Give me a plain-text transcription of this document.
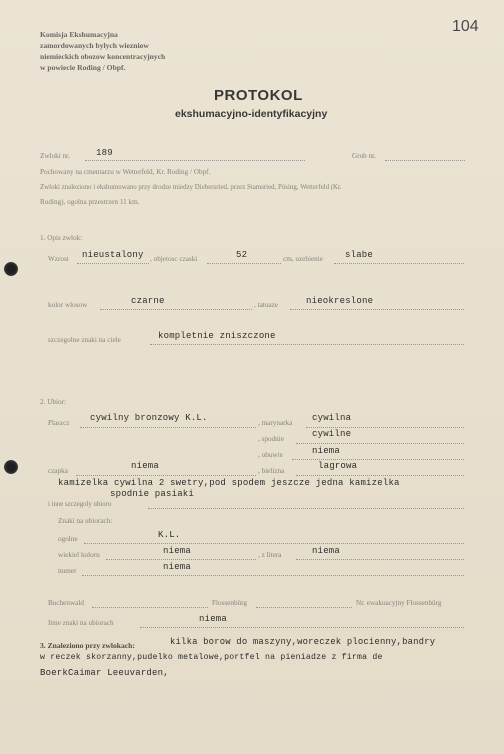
104
Komisja Ekshumacyjna
zamordowanych bylych wiezniow
niemieckich obozow koncentracyjnych
w powiecie Roding / Obpf.
PROTOKOL
ekshumacyjno-identyfikacyjny
Zwloki nr.	189	Grob nr.
Pochowany na cmentarzu w Wetterfeld, Kr. Roding / Obpf.
Zwloki znaleziono i ekshumowano przy drodze miedzy Diebersried, przez Stamsried, Pösing, Wetterfeld (Kr.
Roding), ogolna przestrzen 11 km.
1. Opis zwlok:
Wzrost nieustalony , objetosc czaski	52	cm, uzebienie slabe
kolor wlosow	czarne	, tatuaze	nieokreslone
szczegolne znaki na ciele	kompletnie zniszczone
2. Ubior:
Plaszcz cywilny bronzowy K.L.	, marynarka cywilna
, spodnie	cywilne
, obuwie	niema
czapka	niema	, bielizna	lagrowa
kamizelka cywilna 2 swetry,pod spodem jeszcze jedna kamizelka
spodnie pasiaki
i inne szczegoly ubioru
Znaki na ubiorach:
ogolne	K.L.
wiekiel koloru	niema	, z litera	niema
numer	niema
Buchenwald	Flossenbürg	Nr. ewakuacyjny Flossenbürg
Inne znaki na ubiorach	niema
3. Znaleziono przy zwlokach:	kilka borow do maszyny,woreczek plocienny,bandry
w reczek skorzanny,pudelko metalowe,portfel na pieniadze z firma de
BoerkCaimar Leeuvarden,
